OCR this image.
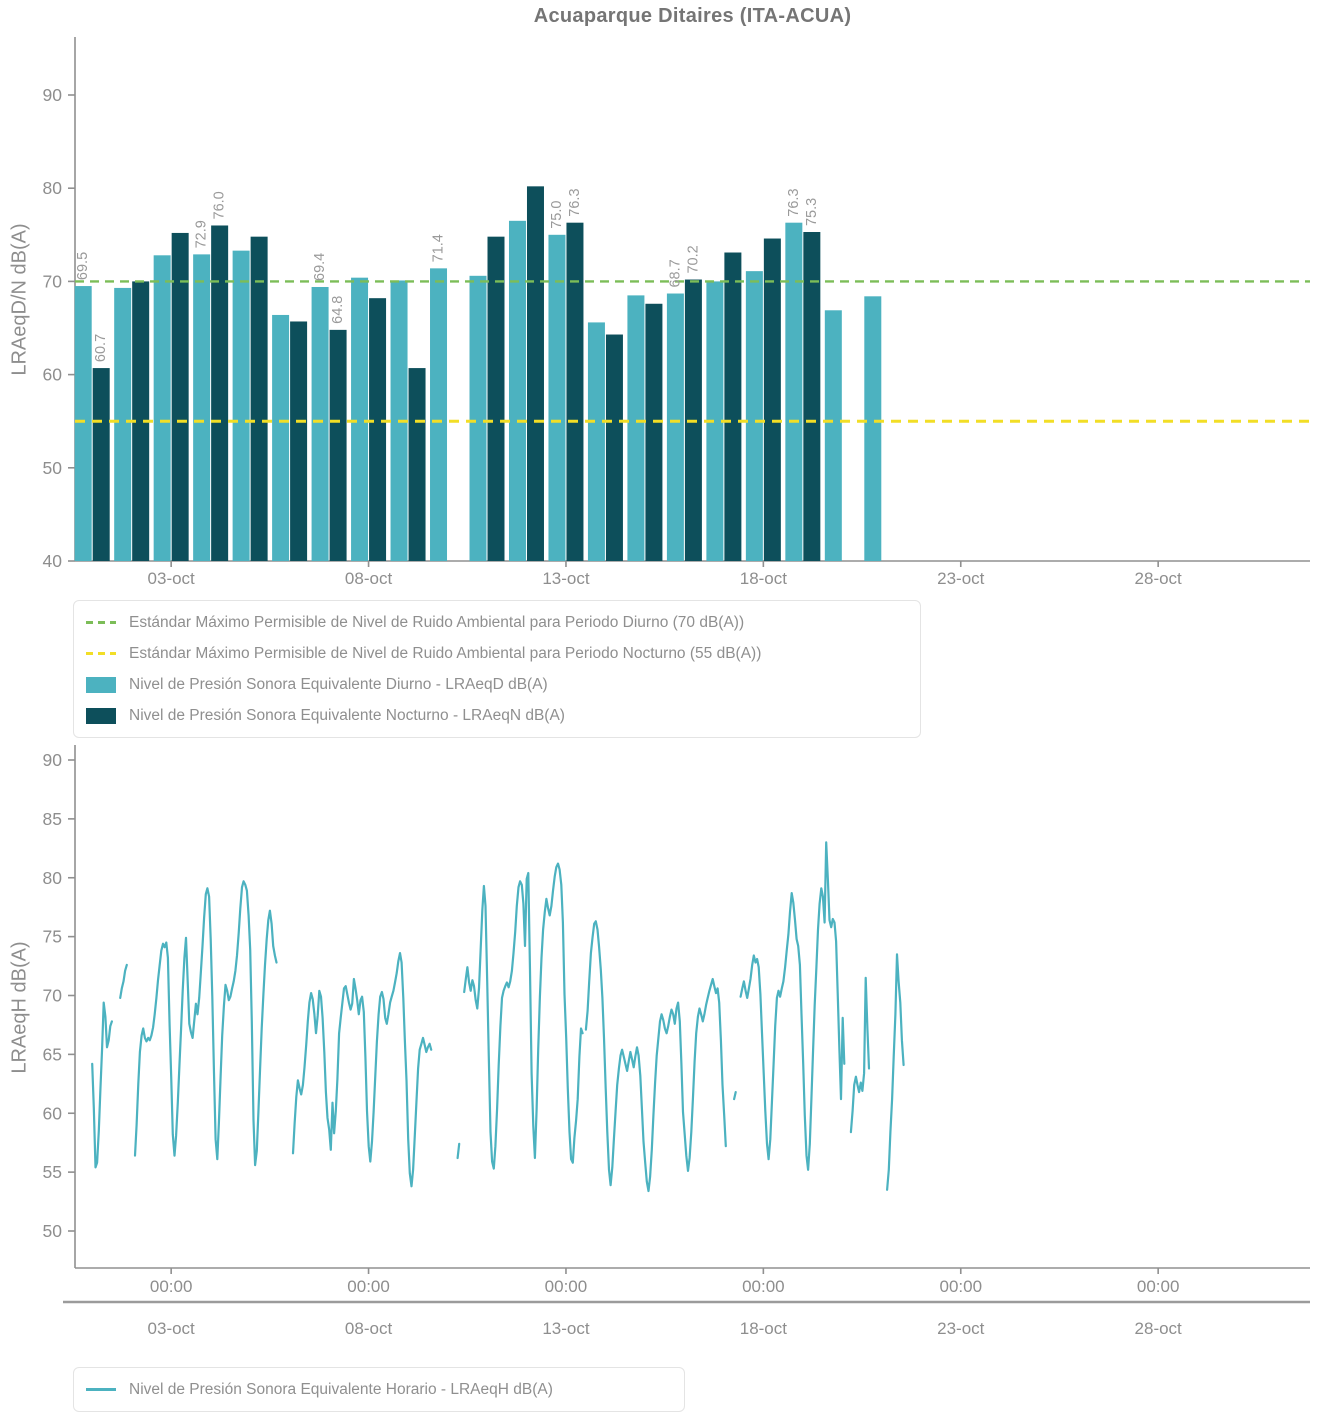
Acuaparque Ditaires (ITA-ACUA)
LRAeqD/N dB(A)
40
50
60
70
80
90
03-oct	08-oct	13-oct	18-oct	23-oct	28-oct
69.5
60.7
72.9
76.0
69.4
64.8
71.4
75.0 76.3
68.7 70.2
76.3 75.3
Estándar Máximo Permisible de Nivel de Ruido Ambiental para Periodo Diurno (70 dB(A))
Estándar Máximo Permisible de Nivel de Ruido Ambiental para Periodo Nocturno (55 dB(A))
Nivel de Presión Sonora Equivalente Diurno - LRAeqD dB(A)
Nivel de Presión Sonora Equivalente Nocturno - LRAeqN dB(A)
LRAeqH dB(A)
50
55
60
65
70
75
80
85
90
00:00	00:00	00:00	00:00	00:00	00:00
03-oct	08-oct	13-oct	18-oct	23-oct	28-oct
Nivel de Presión Sonora Equivalente Horario - LRAeqH dB(A)
